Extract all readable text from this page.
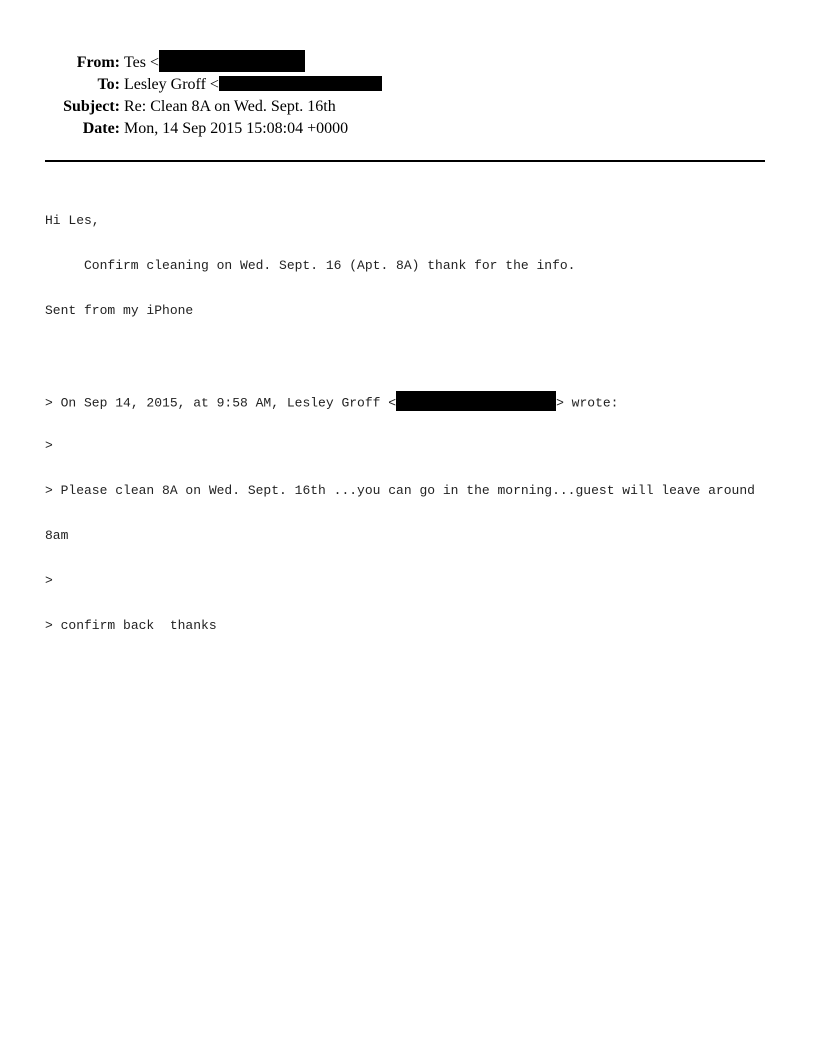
From: Tes <
To: Lesley Groff <
Subject: Re: Clean 8A on Wed. Sept. 16th
Date: Mon, 14 Sep 2015 15:08:04 +0000

Hi Les,

Confirm cleaning on Wed. Sept. 16 (Apt. 8A) thank for the info.

Sent from my iPhone

> On Sep 14, 2015, at 9:58 AM, Lesley Groff <	> wrote:

>

> Please clean 8A on Wed. Sept. 16th ...you can go in the morning...guest will leave around

8am

>

> confirm back  thanks
